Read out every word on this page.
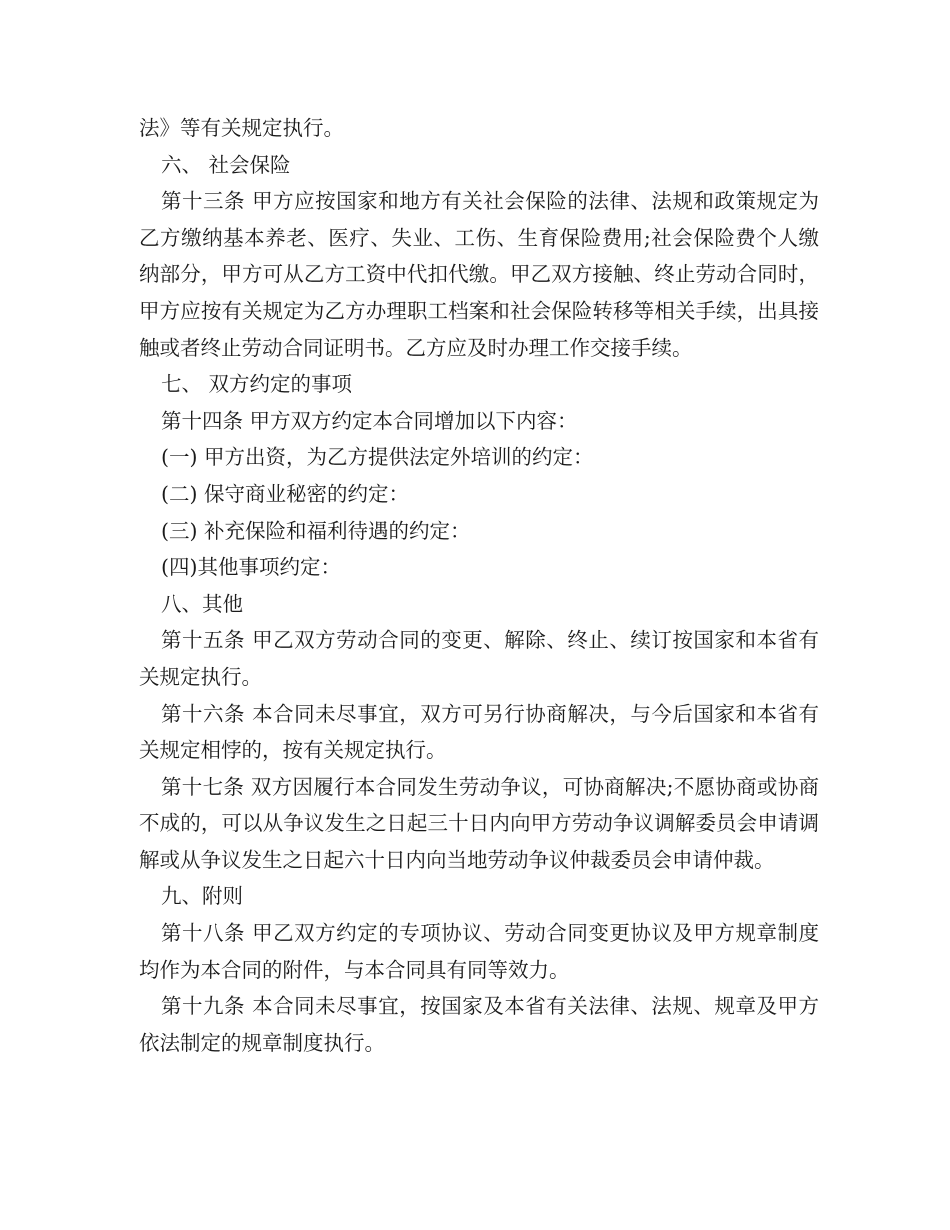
法》等有关规定执行。

六、 社会保险

第十三条 甲方应按国家和地方有关社会保险的法律、法规和政策规定为乙方缴纳基本养老、医疗、失业、工伤、生育保险费用;社会保险费个人缴纳部分，甲方可从乙方工资中代扣代缴。甲乙双方接触、终止劳动合同时，甲方应按有关规定为乙方办理职工档案和社会保险转移等相关手续，出具接触或者终止劳动合同证明书。乙方应及时办理工作交接手续。

七、 双方约定的事项

第十四条 甲方双方约定本合同增加以下内容：

(一) 甲方出资，为乙方提供法定外培训的约定：

(二) 保守商业秘密的约定：

(三) 补充保险和福利待遇的约定：

(四)其他事项约定：

八、其他

第十五条 甲乙双方劳动合同的变更、解除、终止、续订按国家和本省有关规定执行。

第十六条 本合同未尽事宜，双方可另行协商解决，与今后国家和本省有关规定相悖的，按有关规定执行。

第十七条 双方因履行本合同发生劳动争议，可协商解决;不愿协商或协商不成的，可以从争议发生之日起三十日内向甲方劳动争议调解委员会申请调解或从争议发生之日起六十日内向当地劳动争议仲裁委员会申请仲裁。

九、附则

第十八条 甲乙双方约定的专项协议、劳动合同变更协议及甲方规章制度均作为本合同的附件，与本合同具有同等效力。

第十九条 本合同未尽事宜，按国家及本省有关法律、法规、规章及甲方依法制定的规章制度执行。
